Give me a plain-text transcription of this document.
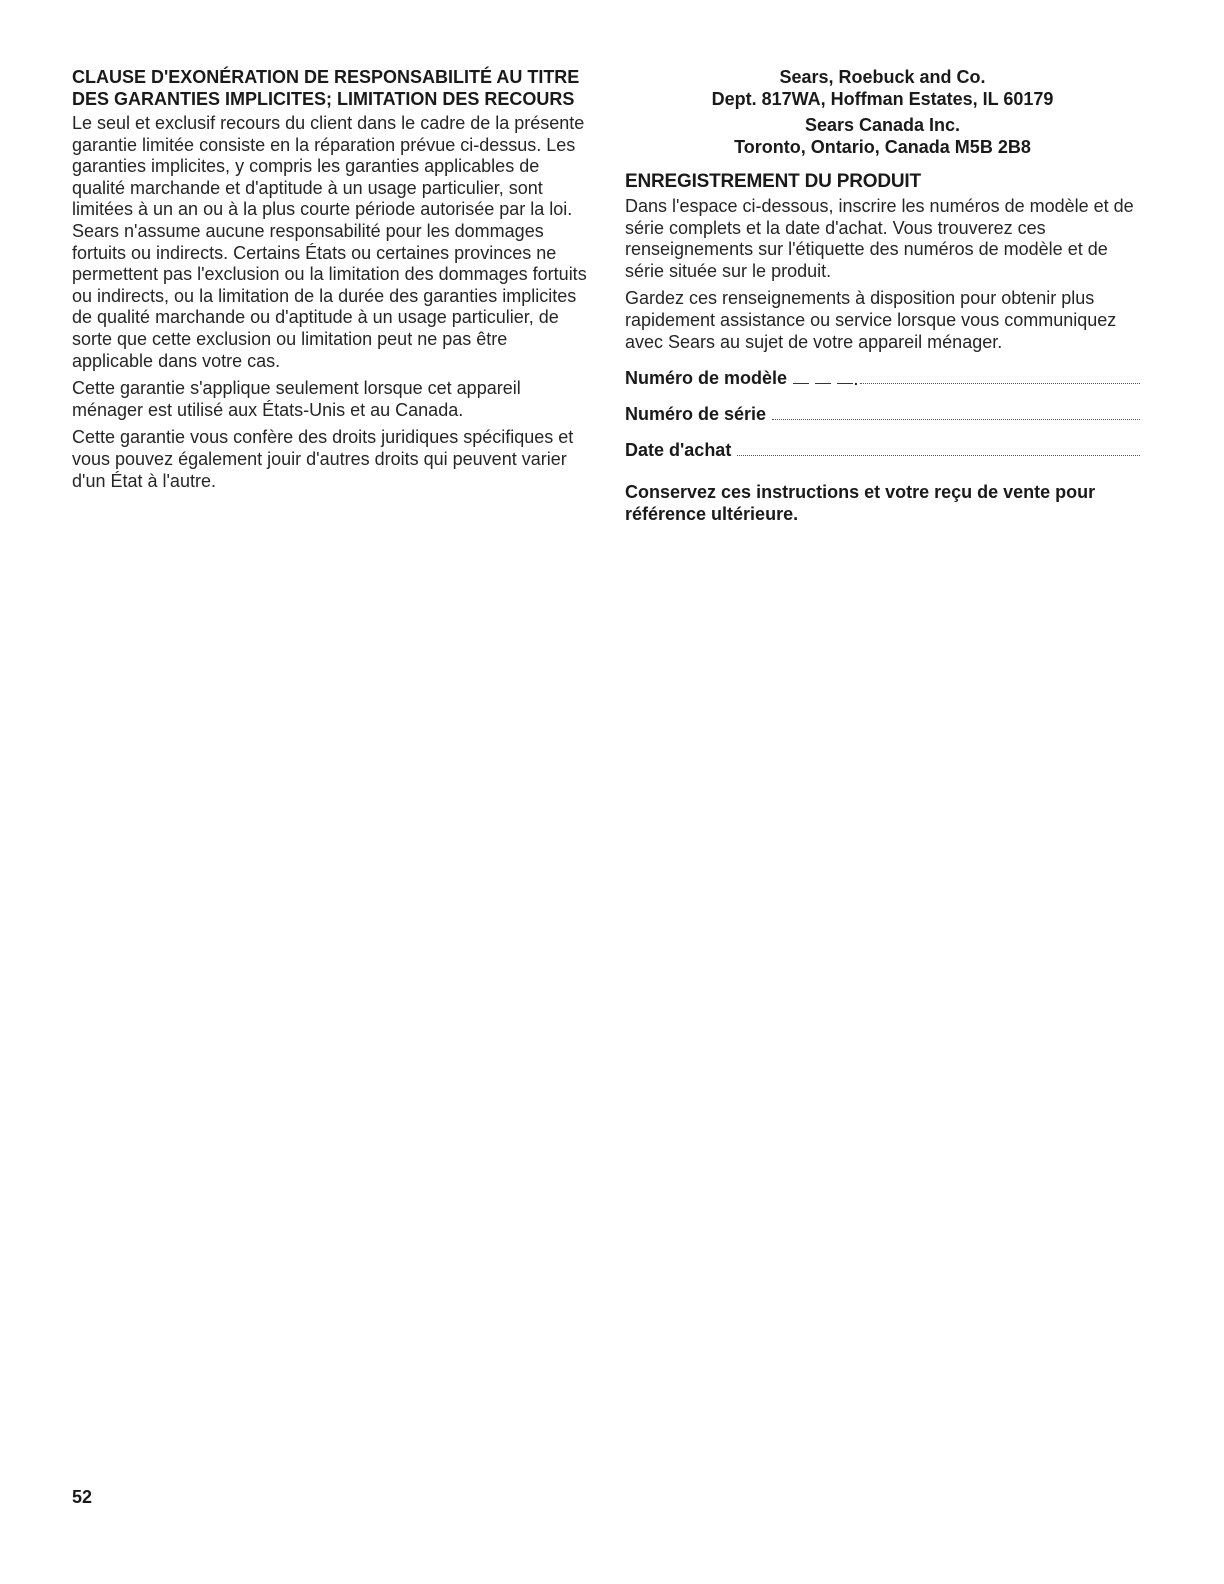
CLAUSE D'EXONÉRATION DE RESPONSABILITÉ AU TITRE DES GARANTIES IMPLICITES; LIMITATION DES RECOURS

Le seul et exclusif recours du client dans le cadre de la présente garantie limitée consiste en la réparation prévue ci-dessus. Les garanties implicites, y compris les garanties applicables de qualité marchande et d'aptitude à un usage particulier, sont limitées à un an ou à la plus courte période autorisée par la loi. Sears n'assume aucune responsabilité pour les dommages fortuits ou indirects. Certains États ou certaines provinces ne permettent pas l'exclusion ou la limitation des dommages fortuits ou indirects, ou la limitation de la durée des garanties implicites de qualité marchande ou d'aptitude à un usage particulier, de sorte que cette exclusion ou limitation peut ne pas être applicable dans votre cas.

Cette garantie s'applique seulement lorsque cet appareil ménager est utilisé aux États-Unis et au Canada.

Cette garantie vous confère des droits juridiques spécifiques et vous pouvez également jouir d'autres droits qui peuvent varier d'un État à l'autre.

Sears, Roebuck and Co.
Dept. 817WA, Hoffman Estates, IL 60179
Sears Canada Inc.
Toronto, Ontario, Canada M5B 2B8
ENREGISTREMENT DU PRODUIT

Dans l'espace ci-dessous, inscrire les numéros de modèle et de série complets et la date d'achat. Vous trouverez ces renseignements sur l'étiquette des numéros de modèle et de série située sur le produit.

Gardez ces renseignements à disposition pour obtenir plus rapidement assistance ou service lorsque vous communiquez avec Sears au sujet de votre appareil ménager.

Numéro de modèle	.
Numéro de série
Date d'achat
Conservez ces instructions et votre reçu de vente pour référence ultérieure.
52
